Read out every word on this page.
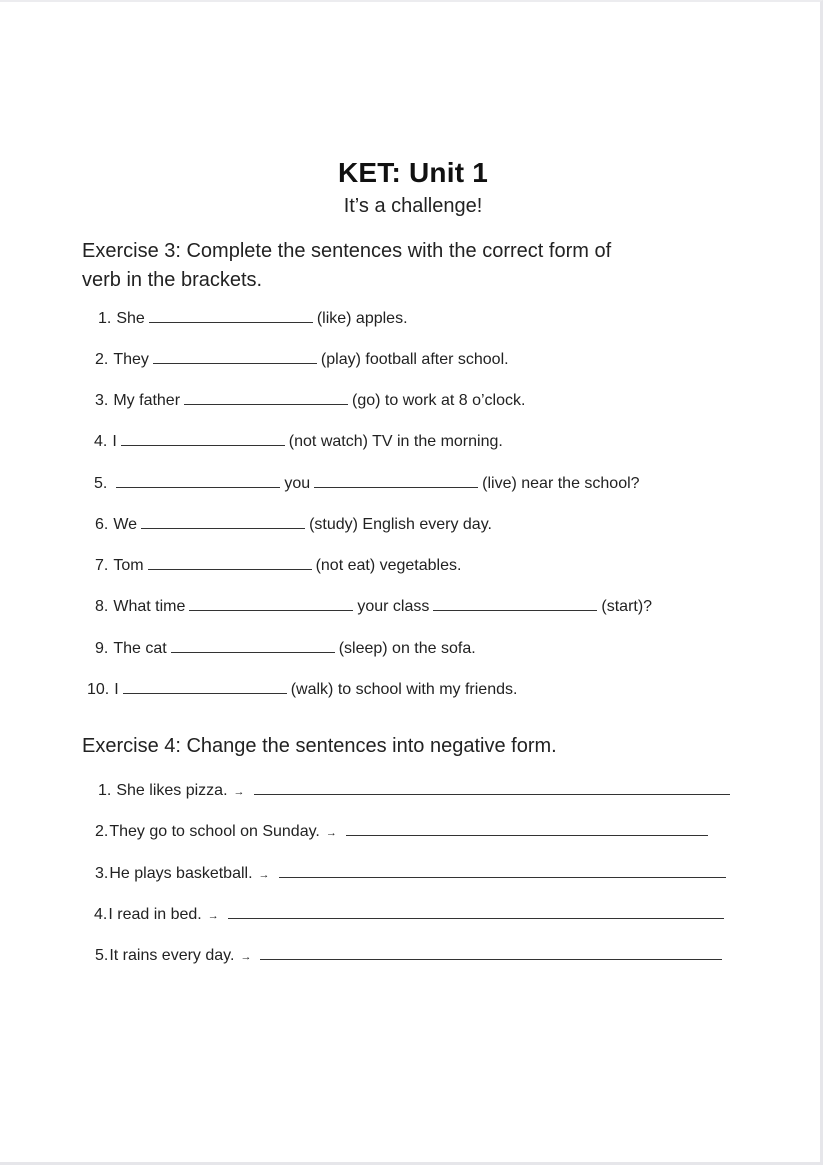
KET: Unit 1
It’s a challenge!
Exercise 3: Complete the sentences with the correct form of
verb in the brackets.
1. She	(like) apples.
2. They	(play) football after school.
3. My father	(go) to work at 8 o’clock.
4. I	(not watch) TV in the morning.
5.	you	(live) near the school?
6. We	(study) English every day.
7. Tom	(not eat) vegetables.
8. What time	your class	(start)?
9. The cat	(sleep) on the sofa.
10. I	(walk) to school with my friends.
Exercise 4: Change the sentences into negative form.
1. She likes pizza. →
2. They go to school on Sunday. →
3. He plays basketball. →
4. I read in bed. →
5. It rains every day. →
